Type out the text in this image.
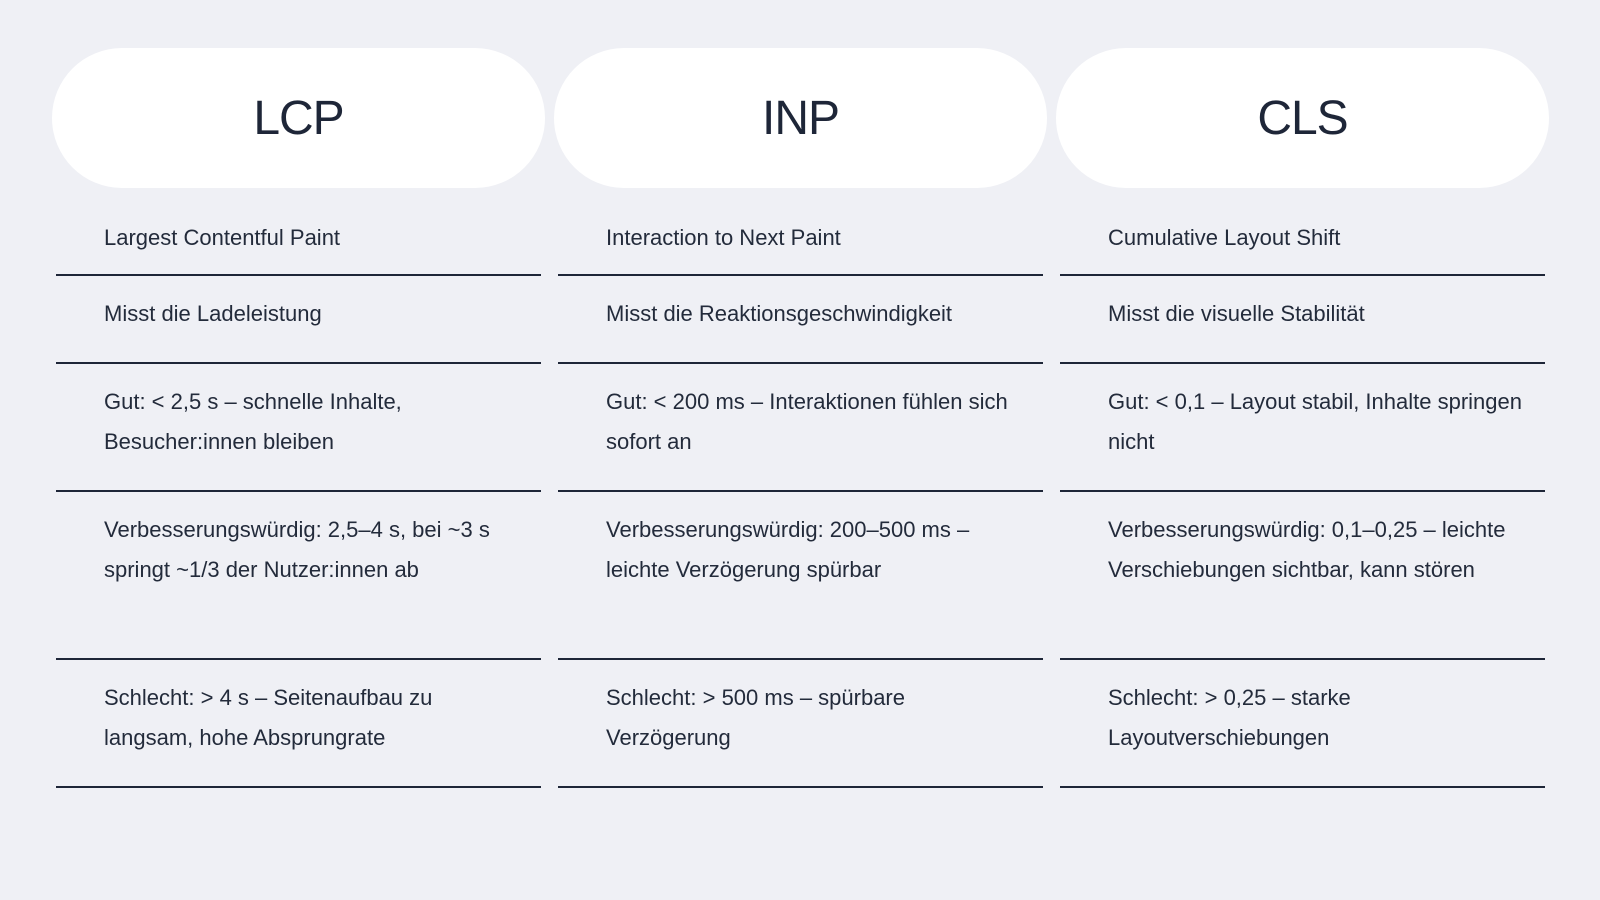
LCP
Largest Contentful Paint
Misst die Ladeleistung
Gut: < 2,5 s – schnelle Inhalte, Besucher:innen bleiben
Verbesserungswürdig: 2,5–4 s, bei ~3 s springt ~1/3 der Nutzer:innen ab
Schlecht: > 4 s – Seitenaufbau zu langsam, hohe Absprungrate
INP
Interaction to Next Paint
Misst die Reaktionsgeschwindigkeit
Gut: < 200 ms – Interaktionen fühlen sich sofort an
Verbesserungswürdig: 200–500 ms – leichte Verzögerung spürbar
Schlecht: > 500 ms – spürbare Verzögerung
CLS
Cumulative Layout Shift
Misst die visuelle Stabilität
Gut: < 0,1 – Layout stabil, Inhalte springen nicht
Verbesserungswürdig: 0,1–0,25 – leichte Verschiebungen sichtbar, kann stören
Schlecht: > 0,25 – starke Layoutverschiebungen
